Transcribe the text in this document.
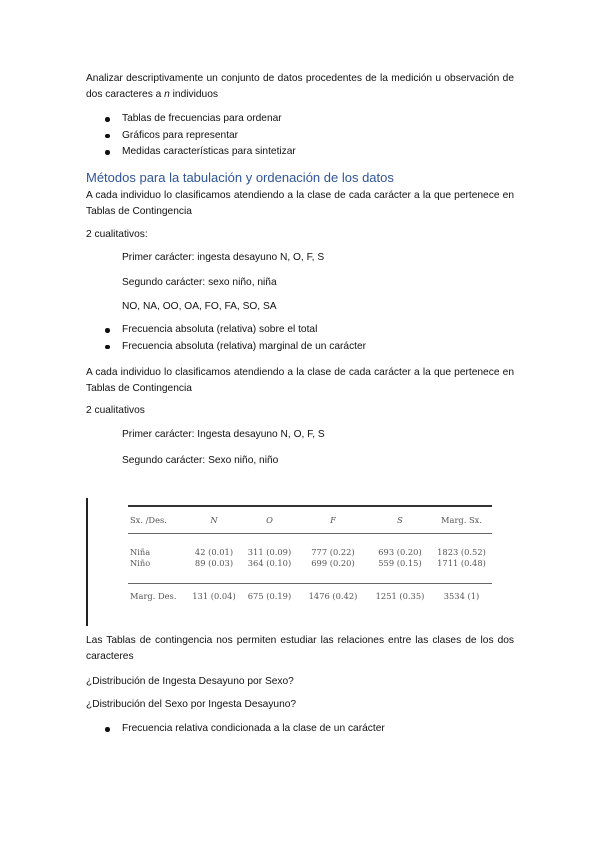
Analizar descriptivamente un conjunto de datos procedentes de la medición u observación de dos caracteres a n individuos

Tablas de frecuencias para ordenar
Gráficos para representar
Medidas características para sintetizar
Métodos para la tabulación y ordenación de los datos

A cada individuo lo clasificamos atendiendo a la clase de cada carácter a la que pertenece en Tablas de Contingencia

2 cualitativos:
Primer carácter: ingesta desayuno N, O, F, S
Segundo carácter: sexo niño, niña
NO, NA, OO, OA, FO, FA, SO, SA
Frecuencia absoluta (relativa) sobre el total
Frecuencia absoluta (relativa) marginal de un carácter

A cada individuo lo clasificamos atendiendo a la clase de cada carácter a la que pertenece en Tablas de Contingencia

2 cualitativos
Primer carácter: Ingesta desayuno N, O, F, S
Segundo carácter: Sexo niño, niño
Sx. /Des.	N	O	F	S	Marg. Sx.
Niña	42 (0.01)	311 (0.09)	777 (0.22)	693 (0.20)	1823 (0.52)
Niño	89 (0.03)	364 (0.10)	699 (0.20)	559 (0.15)	1711 (0.48)
Marg. Des.	131 (0.04)	675 (0.19)	1476 (0.42)	1251 (0.35)	3534 (1)

Las Tablas de contingencia nos permiten estudiar las relaciones entre las clases de los dos caracteres

¿Distribución de Ingesta Desayuno por Sexo?
¿Distribución del Sexo por Ingesta Desayuno?
Frecuencia relativa condicionada a la clase de un carácter
